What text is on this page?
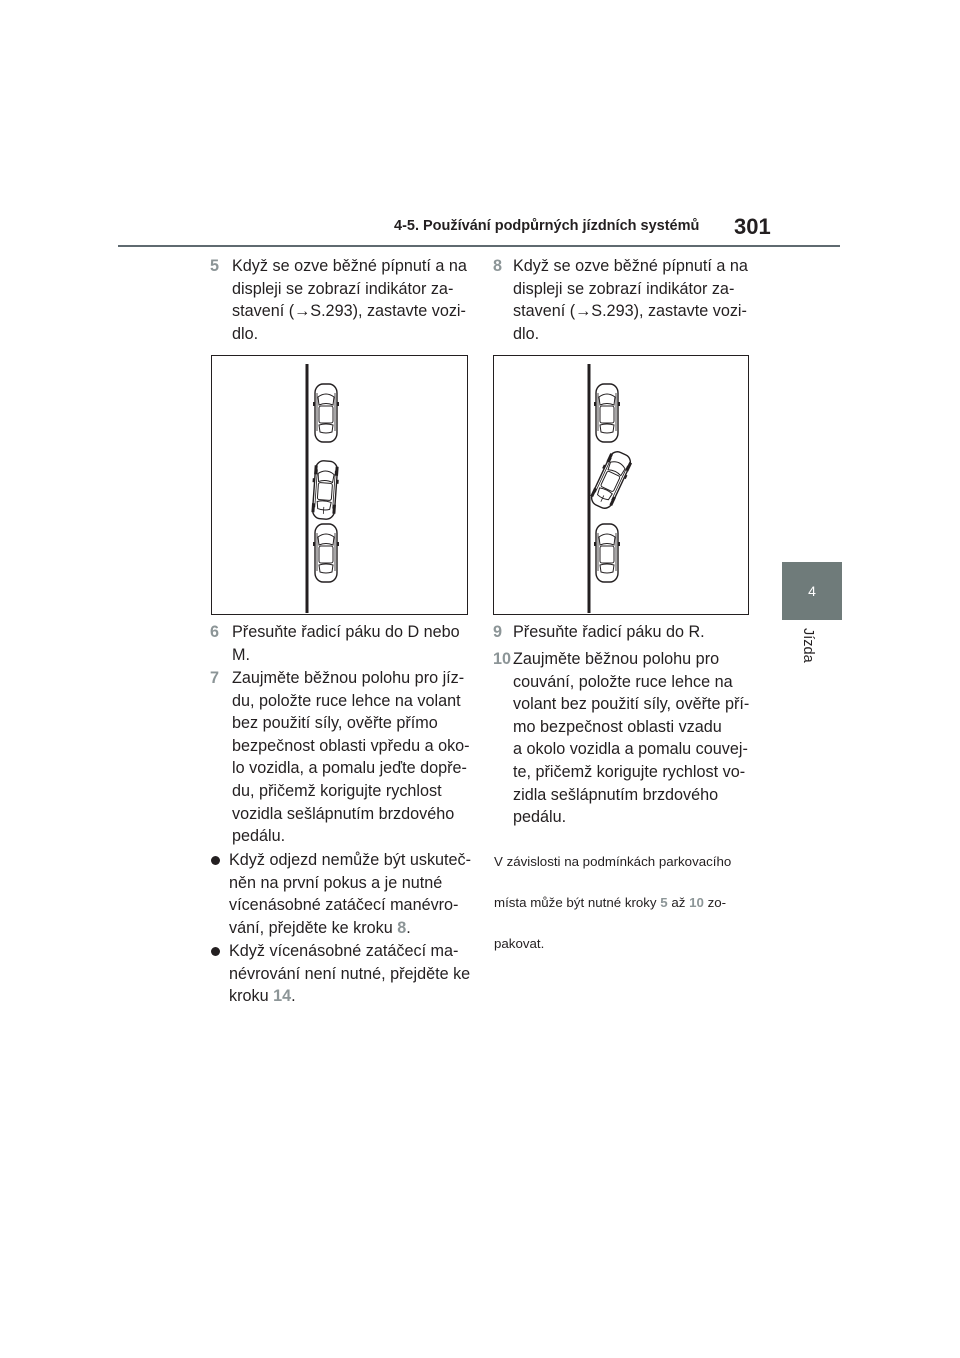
4-5. Používání podpůrných jízdních systémů 301
4
Jízda
5 Když se ozve běžné pípnutí a na
displeji se zobrazí indikátor za-
stavení (→S.293), zastavte vozi-
dlo.
6 Přesuňte řadicí páku do D nebo
M.
7 Zaujměte běžnou polohu pro jíz-
du, položte ruce lehce na volant
bez použití síly, ověřte přímo
bezpečnost oblasti vpředu a oko-
lo vozidla, a pomalu jeďte dopře-
du, přičemž korigujte rychlost
vozidla sešlápnutím brzdového
pedálu.
Když odjezd nemůže být uskuteč-
něn na první pokus a je nutné
vícenásobné zatáčecí manévro-
vání, přejděte ke kroku 8.
Když vícenásobné zatáčecí ma-
névrování není nutné, přejděte ke
kroku 14.
8 Když se ozve běžné pípnutí a na
displeji se zobrazí indikátor za-
stavení (→S.293), zastavte vozi-
dlo.
9 Přesuňte řadicí páku do R.
10 Zaujměte běžnou polohu pro
couvání, položte ruce lehce na
volant bez použití síly, ověřte pří-
mo bezpečnost oblasti vzadu
a okolo vozidla a pomalu couvej-
te, přičemž korigujte rychlost vo-
zidla sešlápnutím brzdového
pedálu.

V závislosti na podmínkách parkovacího

místa může být nutné kroky 5 až 10 zo-

pakovat.
